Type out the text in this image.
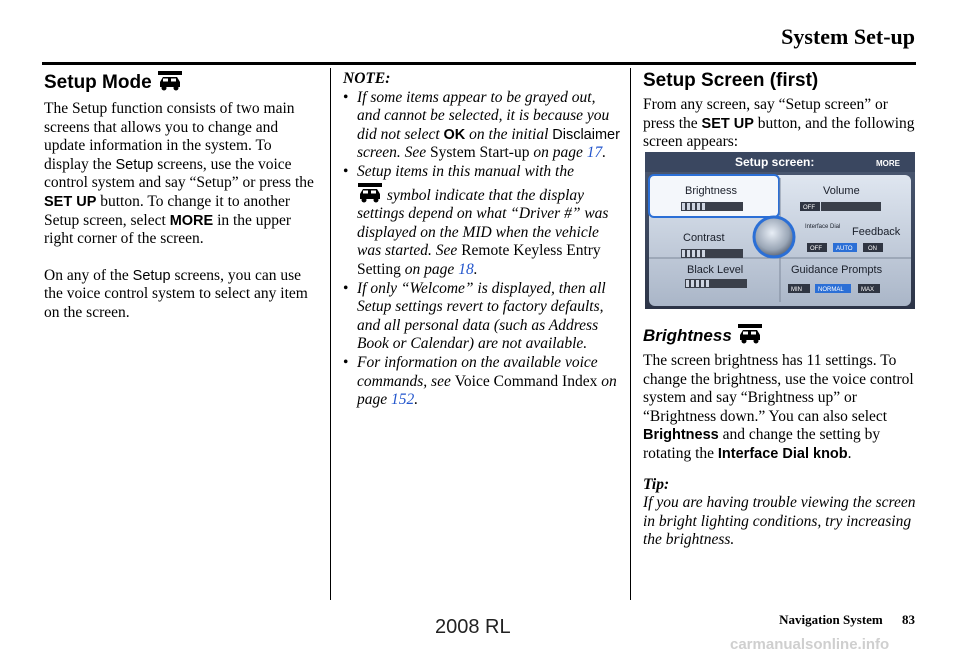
System Set-up
Setup Mode
The Setup function consists of two main screens that allows you to change and update information in the system. To display the Setup screens, use the voice control system and say “Setup” or press the SET UP button. To change it to another Setup screen, select MORE in the upper right corner of the screen.
On any of the Setup screens, you can use the voice control system to select any item on the screen.
NOTE:
• If some items appear to be grayed out, and cannot be selected, it is because you did not select OK on the initial Disclaimer screen. See System Start-up on page 17.
• Setup items in this manual with the
symbol indicate that the display settings depend on what “Driver #” was displayed on the MID when the vehicle was started. See Remote Keyless Entry Setting on page 18.
• If only “Welcome” is displayed, then all Setup settings revert to factory defaults, and all personal data (such as Address Book or Calendar) are not available.
• For information on the available voice commands, see Voice Command Index on page 152.
Setup Screen (first)
From any screen, say “Setup screen” or press the SET UP button, and the following screen appears:
Setup screen:	MORE
Brightness	Volume
Contrast	Feedback
Interface Dial
Black Level	Guidance Prompts
OFF
OFF AUTO	ON
MIN	NORMAL	MAX
Brightness
The screen brightness has 11 settings. To change the brightness, use the voice control system and say “Brightness up” or “Brightness down.” You can also select Brightness and change the setting by rotating the Interface Dial knob.
Tip:
If you are having trouble viewing the screen in bright lighting conditions, try increasing the brightness.
Navigation System 83
2008 RL
carmanualsonline.info
